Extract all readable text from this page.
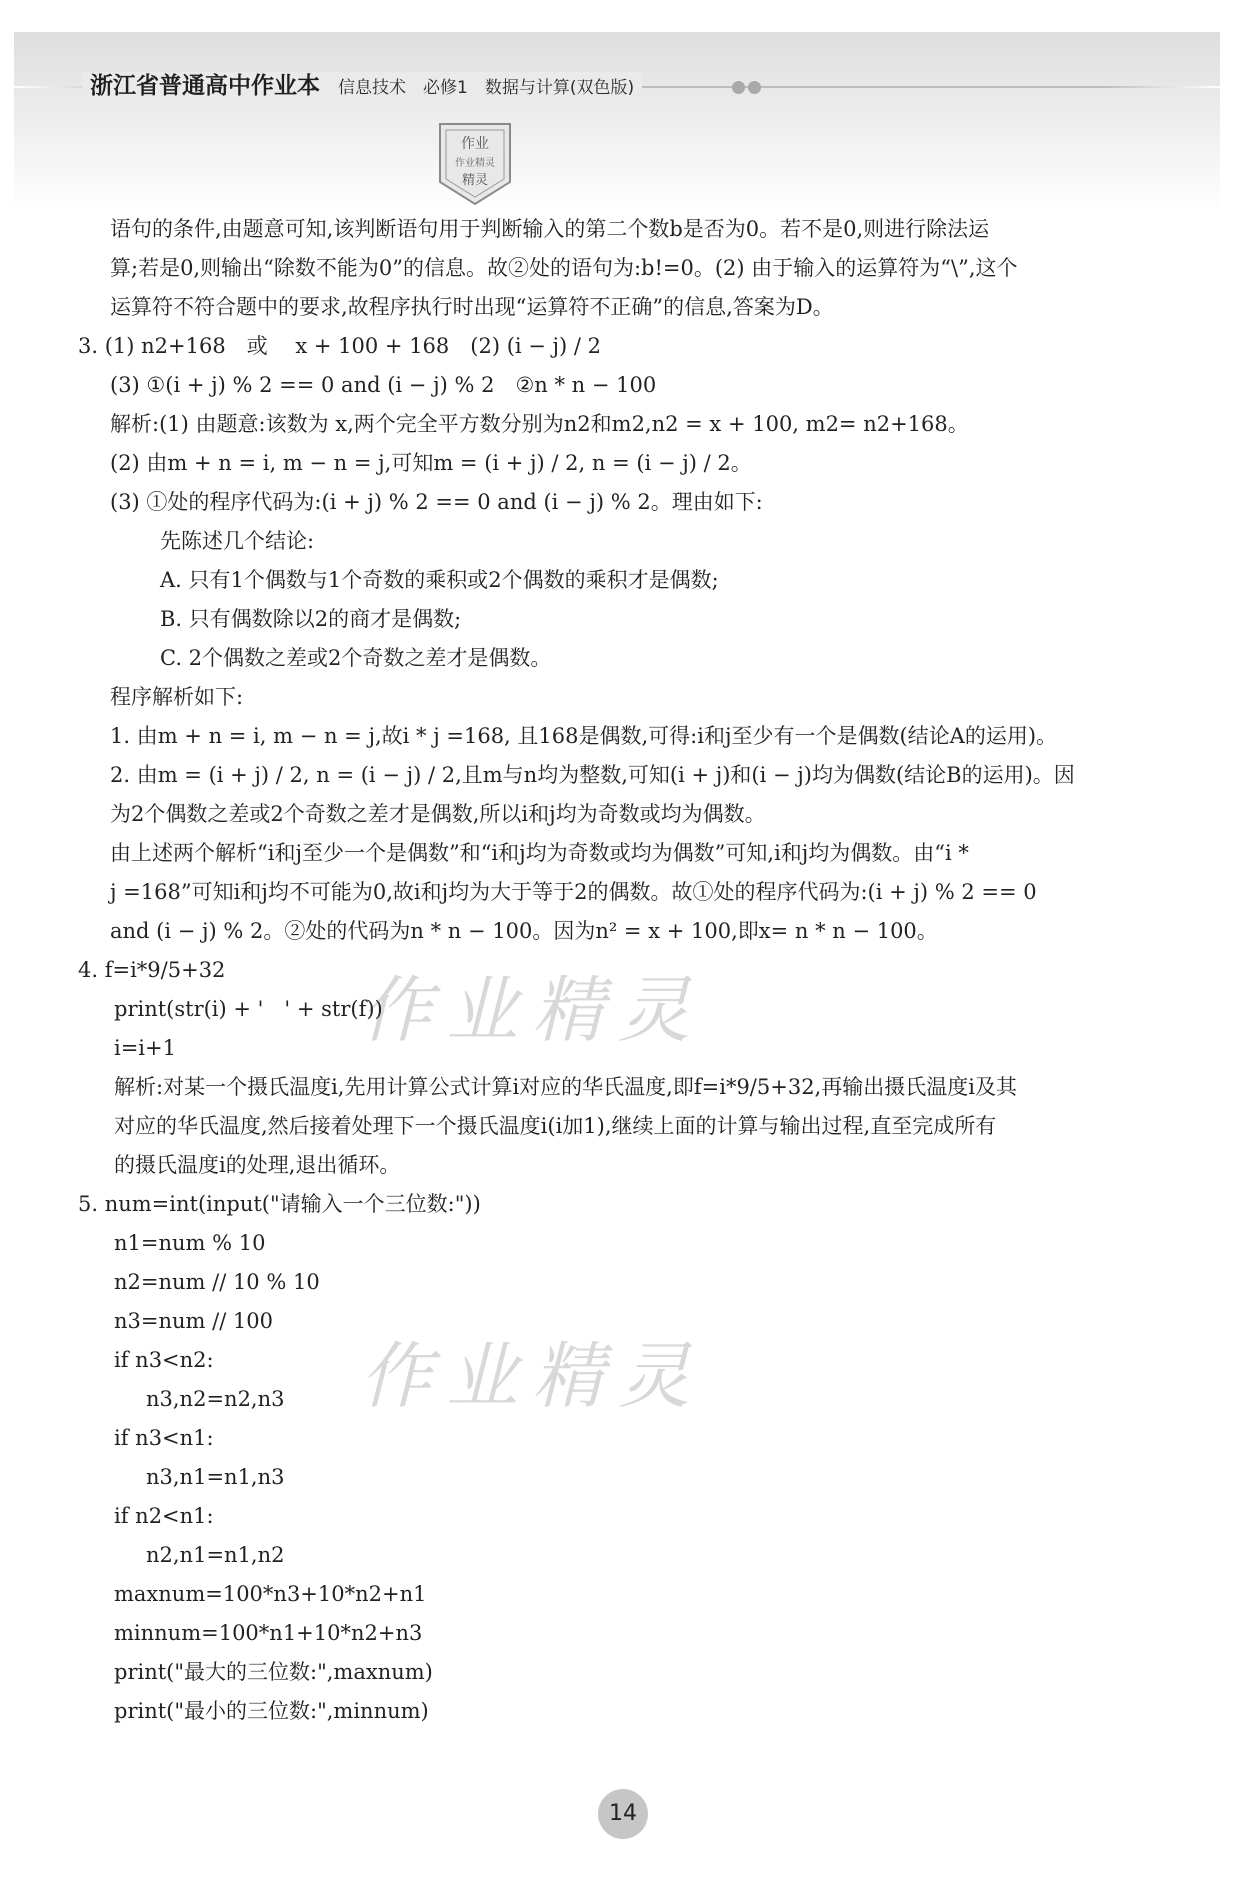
浙江省普通高中作业本 信息技术　必修1　数据与计算(双色版)
作业
作业精灵
精灵
作业精灵
作业精灵
语句的条件,由题意可知,该判断语句用于判断输入的第二个数b是否为0。若不是0,则进行除法运
算;若是0,则输出“除数不能为0”的信息。故②处的语句为:b!=0。(2) 由于输入的运算符为“\”,这个
运算符不符合题中的要求,故程序执行时出现“运算符不正确”的信息,答案为D。
3. (1) n2+168　或　 x + 100 + 168　(2) (i − j) / 2
(3) ①(i + j) % 2 == 0 and (i − j) % 2　②n * n − 100
解析:(1) 由题意:该数为 x,两个完全平方数分别为n2和m2,n2 = x + 100, m2= n2+168。
(2) 由m + n = i, m − n = j,可知m = (i + j) / 2, n = (i − j) / 2。
(3) ①处的程序代码为:(i + j) % 2 == 0 and (i − j) % 2。理由如下:
先陈述几个结论:
A. 只有1个偶数与1个奇数的乘积或2个偶数的乘积才是偶数;
B. 只有偶数除以2的商才是偶数;
C. 2个偶数之差或2个奇数之差才是偶数。
程序解析如下:
1. 由m + n = i, m − n = j,故i * j =168, 且168是偶数,可得:i和j至少有一个是偶数(结论A的运用)。
2. 由m = (i + j) / 2, n = (i − j) / 2,且m与n均为整数,可知(i + j)和(i − j)均为偶数(结论B的运用)。因
为2个偶数之差或2个奇数之差才是偶数,所以i和j均为奇数或均为偶数。
由上述两个解析“i和j至少一个是偶数”和“i和j均为奇数或均为偶数”可知,i和j均为偶数。由“i *
j =168”可知i和j均不可能为0,故i和j均为大于等于2的偶数。故①处的程序代码为:(i + j) % 2 == 0
and (i − j) % 2。②处的代码为n * n − 100。因为n² = x + 100,即x= n * n − 100。
4. f=i*9/5+32
print(str(i) + '　' + str(f))
i=i+1
解析:对某一个摄氏温度i,先用计算公式计算i对应的华氏温度,即f=i*9/5+32,再输出摄氏温度i及其
对应的华氏温度,然后接着处理下一个摄氏温度i(i加1),继续上面的计算与输出过程,直至完成所有
的摄氏温度i的处理,退出循环。
5. num=int(input("请输入一个三位数:"))
n1=num % 10
n2=num // 10 % 10
n3=num // 100
if n3<n2:
n3,n2=n2,n3
if n3<n1:
n3,n1=n1,n3
if n2<n1:
n2,n1=n1,n2
maxnum=100*n3+10*n2+n1
minnum=100*n1+10*n2+n3
print("最大的三位数:",maxnum)
print("最小的三位数:",minnum)
14
